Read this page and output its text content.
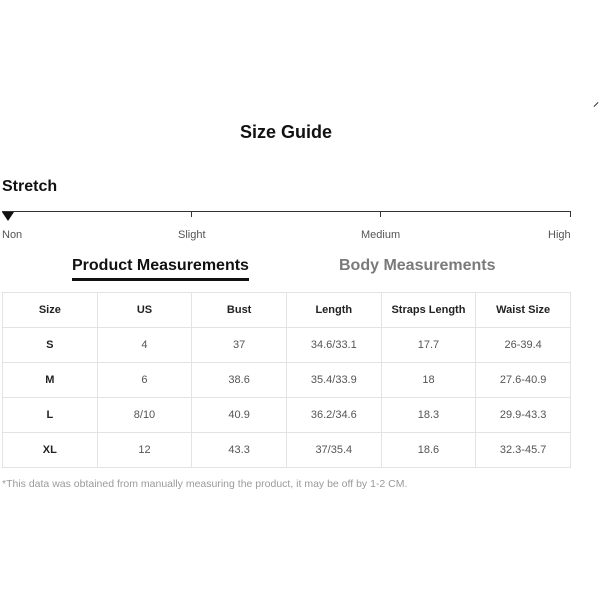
Size Guide
Stretch
Non	Slight	Medium	High
Product Measurements	Body Measurements
Size	US	Bust	Length	Straps Length	Waist Size
S	4	37	34.6/33.1	17.7	26-39.4
M	6	38.6	35.4/33.9	18	27.6-40.9
L	8/10	40.9	36.2/34.6	18.3	29.9-43.3
XL	12	43.3	37/35.4	18.6	32.3-45.7
*This data was obtained from manually measuring the product, it may be off by 1-2 CM.
